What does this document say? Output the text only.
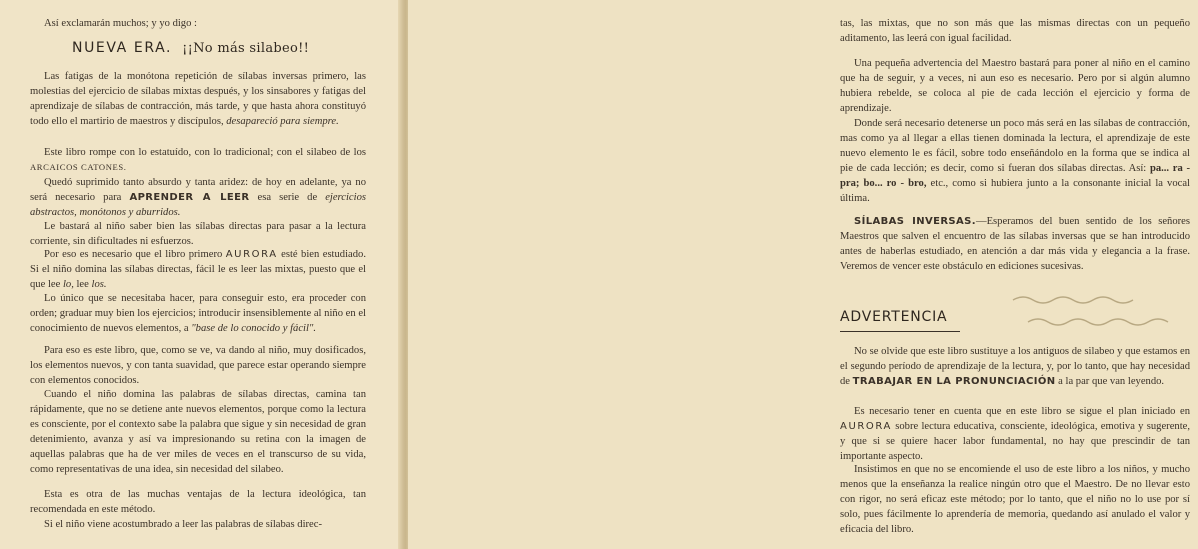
Así exclamarán muchos; y yo digo :

NUEVA ERA. ¡¡No más silabeo!!

Las fatigas de la monótona repetición de sílabas inversas primero, las molestias del ejercicio de sílabas mixtas después, y los sinsabores y fatigas del aprendizaje de sílabas de contracción, más tarde, y que hasta ahora constituyó todo ello el martirio de maestros y discípulos, desapareció para siempre.

Este libro rompe con lo estatuído, con lo tradicional; con el silabeo de los ARCAICOS CATONES.

Quedó suprimido tanto absurdo y tanta aridez: de hoy en adelante, ya no será necesario para APRENDER A LEER esa serie de ejercicios abstractos, monótonos y aburridos.

Le bastará al niño saber bien las sílabas directas para pasar a la lectura corriente, sin dificultades ni esfuerzos.

Por eso es necesario que el libro primero AURORA esté bien estudiado. Si el niño domina las sílabas directas, fácil le es leer las mixtas, puesto que el que lee lo, lee los.

Lo único que se necesitaba hacer, para conseguir esto, era proceder con orden; graduar muy bien los ejercicios; introducir insensiblemente al niño en el conocimiento de nuevos elementos, a "base de lo conocido y fácil".

Para eso es este libro, que, como se ve, va dando al niño, muy dosificados, los elementos nuevos, y con tanta suavidad, que parece estar operando siempre con elementos conocidos.

Cuando el niño domina las palabras de sílabas directas, camina tan rápidamente, que no se detiene ante nuevos elementos, porque como la lectura es consciente, por el contexto sabe la palabra que sigue y sin necesidad de gran detenimiento, avanza y así va impresionando su retina con la imagen de aquellas palabras que ha de ver miles de veces en el transcurso de su vida, como representativas de una idea, sin necesidad del silabeo.

Esta es otra de las muchas ventajas de la lectura ideológica, tan recomendada en este método.

Si el niño viene acostumbrado a leer las palabras de sílabas direc-

tas, las mixtas, que no son más que las mismas directas con un pequeño aditamento, las leerá con igual facilidad.

Una pequeña advertencia del Maestro bastará para poner al niño en el camino que ha de seguir, y a veces, ni aun eso es necesario. Pero por si algún alumno hubiera rebelde, se coloca al pie de cada lección el ejercicio y forma de aprendizaje.

Donde será necesario detenerse un poco más será en las sílabas de contracción, mas como ya al llegar a ellas tienen dominada la lectura, el aprendizaje de este nuevo elemento le es fácil, sobre todo enseñándolo en la forma que se indica al pie de cada lección; es decir, como si fueran dos sílabas directas. Así: pa... ra - pra; bo... ro - bro, etc., como si hubiera junto a la consonante inicial la vocal última.

SÍLABAS INVERSAS.—Esperamos del buen sentido de los señores Maestros que salven el encuentro de las sílabas inversas que se han introducido antes de haberlas estudiado, en atención a dar más vida y elegancia a la frase. Veremos de vencer este obstáculo en ediciones sucesivas.

ADVERTENCIA

No se olvide que este libro sustituye a los antiguos de silabeo y que estamos en el segundo período de aprendizaje de la lectura, y, por lo tanto, que hay necesidad de TRABAJAR EN LA PRONUNCIACIÓN a la par que van leyendo.

Es necesario tener en cuenta que en este libro se sigue el plan iniciado en AURORA sobre lectura educativa, consciente, ideológica, emotiva y sugerente, y que si se quiere hacer labor fundamental, no hay que prescindir de tan importante aspecto.

Insistimos en que no se encomiende el uso de este libro a los niños, y mucho menos que la enseñanza la realice ningún otro que el Maestro. De no llevar esto con rigor, no será eficaz este método; por lo tanto, que el niño no lo use por sí solo, pues fácilmente lo aprendería de memoria, quedando así anulado el valor y eficacia del libro.
